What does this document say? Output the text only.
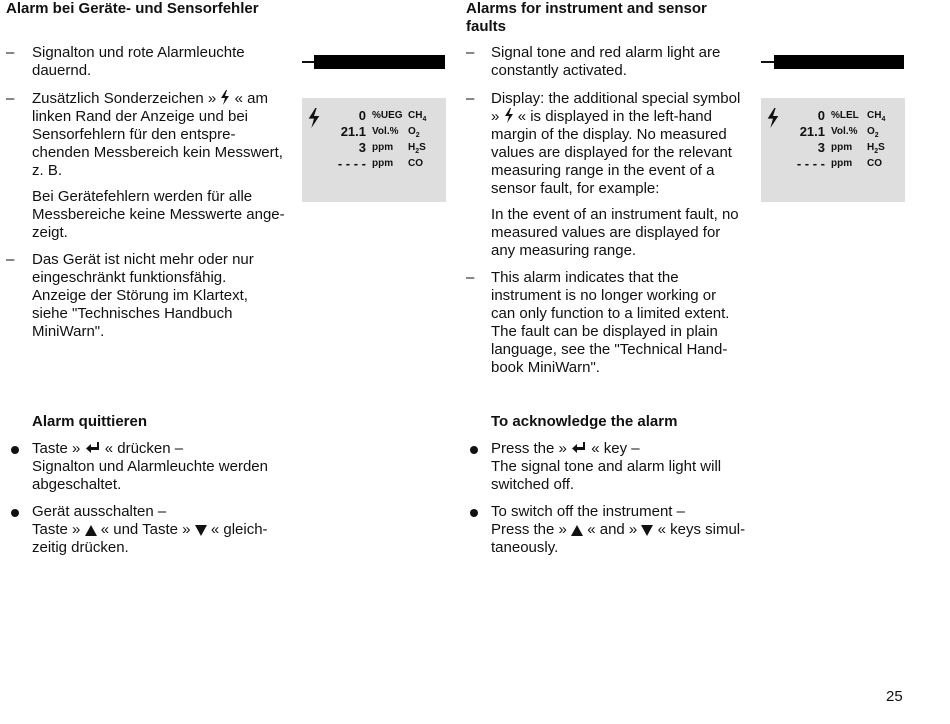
Alarm bei Geräte- und Sensorfehler
– Signalton und rote Alarmleuchte
dauernd.
– Zusätzlich Sonderzeichen » « am
linken Rand der Anzeige und bei
Sensorfehlern für den entspre-
chenden Messbereich kein Messwert,
z. B.
Bei Gerätefehlern werden für alle
Messbereiche keine Messwerte ange-
zeigt.
– Das Gerät ist nicht mehr oder nur
eingeschränkt funktionsfähig.
Anzeige der Störung im Klartext,
siehe "Technisches Handbuch
MiniWarn".
0 %UEG $CH_4$
21.1 Vol.% $O_2$
3 ppm $H_2S$
- - - - ppm CO
Alarm quittieren
Taste » « drücken –
Signalton und Alarmleuchte werden
abgeschaltet.
Gerät ausschalten –
Taste » « und Taste » « gleich-
zeitig drücken.
Alarms for instrument and sensor
faults
– Signal tone and red alarm light are
constantly activated.
– Display: the additional special symbol
» « is displayed in the left-hand
margin of the display. No measured
values are displayed for the relevant
measuring range in the event of a
sensor fault, for example:
In the event of an instrument fault, no
measured values are displayed for
any measuring range.
– This alarm indicates that the
instrument is no longer working or
can only function to a limited extent.
The fault can be displayed in plain
language, see the "Technical Hand-
book MiniWarn".
0 %LEL $CH_4$
21.1 Vol.% $O_2$
3 ppm $H_2S$
- - - - ppm CO
To acknowledge the alarm
Press the » « key –
The signal tone and alarm light will
switched off.
To switch off the instrument –
Press the » « and » « keys simul-
taneously.
25
